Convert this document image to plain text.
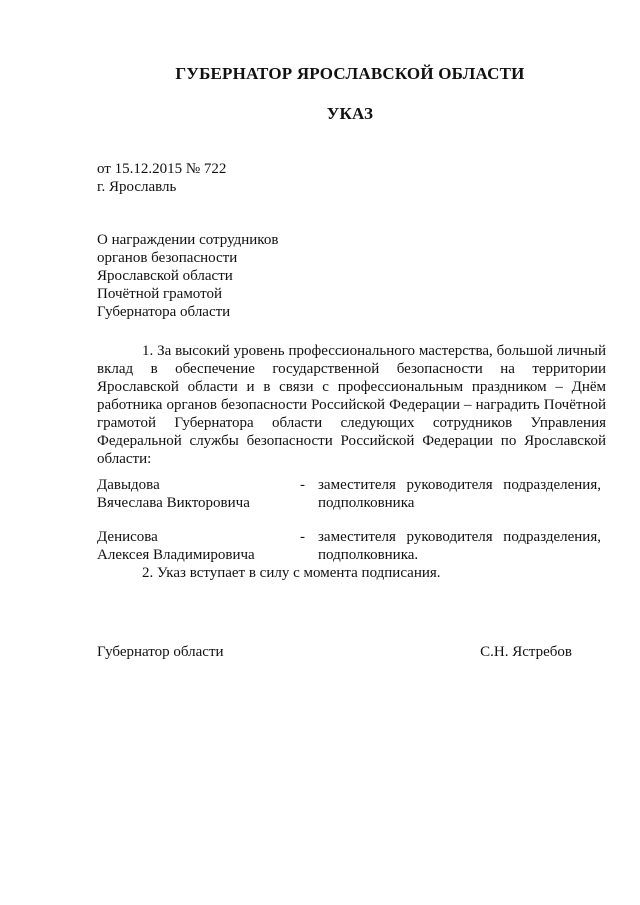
ГУБЕРНАТОР ЯРОСЛАВСКОЙ ОБЛАСТИ
УКАЗ
от 15.12.2015 № 722
г. Ярославль
О награждении сотрудников
органов безопасности
Ярославской области
Почётной грамотой
Губернатора области
1. За высокий уровень профессионального мастерства, большой личный вклад в обеспечение государственной безопасности на территории Ярославской области и в связи с профессиональным праздником – Днём работника органов безопасности Российской Федерации – наградить Почётной грамотой Губернатора области следующих сотрудников Управления Федеральной службы безопасности Российской Федерации по Ярославской области:
Давыдова
Вячеслава Викторовича
- заместителя руководителя подразделения,
подполковника
Денисова
Алексея Владимировича
- заместителя руководителя подразделения,
подполковника.
2. Указ вступает в силу с момента подписания.
Губернатор области	С.Н. Ястребов
